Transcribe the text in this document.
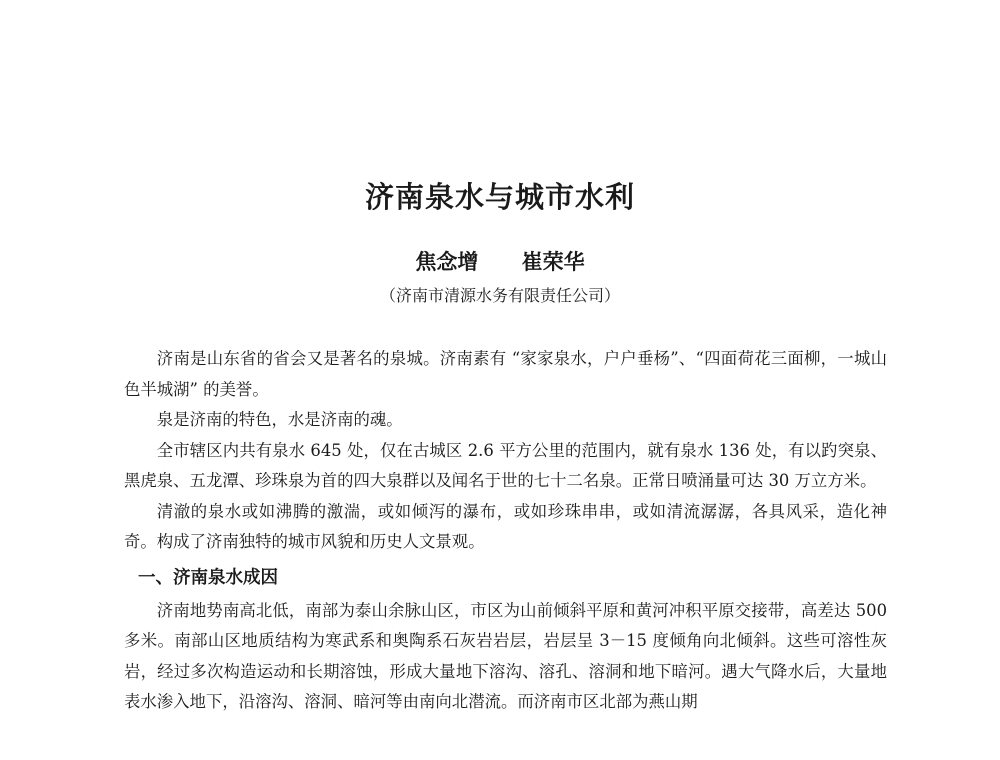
济南泉水与城市水利
焦念增 崔荣华
（济南市清源水务有限责任公司）

济南是山东省的省会又是著名的泉城。济南素有 “家家泉水，户户垂杨”、“四面荷花三面柳，一城山色半城湖” 的美誉。

泉是济南的特色，水是济南的魂。

全市辖区内共有泉水 645 处，仅在古城区 2.6 平方公里的范围内，就有泉水 136 处，有以趵突泉、黑虎泉、五龙潭、珍珠泉为首的四大泉群以及闻名于世的七十二名泉。正常日喷涌量可达 30 万立方米。

清澈的泉水或如沸腾的激湍，或如倾泻的瀑布，或如珍珠串串，或如清流潺潺，各具风采，造化神奇。构成了济南独特的城市风貌和历史人文景观。

一、济南泉水成因

济南地势南高北低，南部为泰山余脉山区，市区为山前倾斜平原和黄河冲积平原交接带，高差达 500 多米。南部山区地质结构为寒武系和奥陶系石灰岩岩层，岩层呈 3－15 度倾角向北倾斜。这些可溶性灰岩，经过多次构造运动和长期溶蚀，形成大量地下溶沟、溶孔、溶洞和地下暗河。遇大气降水后，大量地表水渗入地下，沿溶沟、溶洞、暗河等由南向北潜流。而济南市区北部为燕山期
